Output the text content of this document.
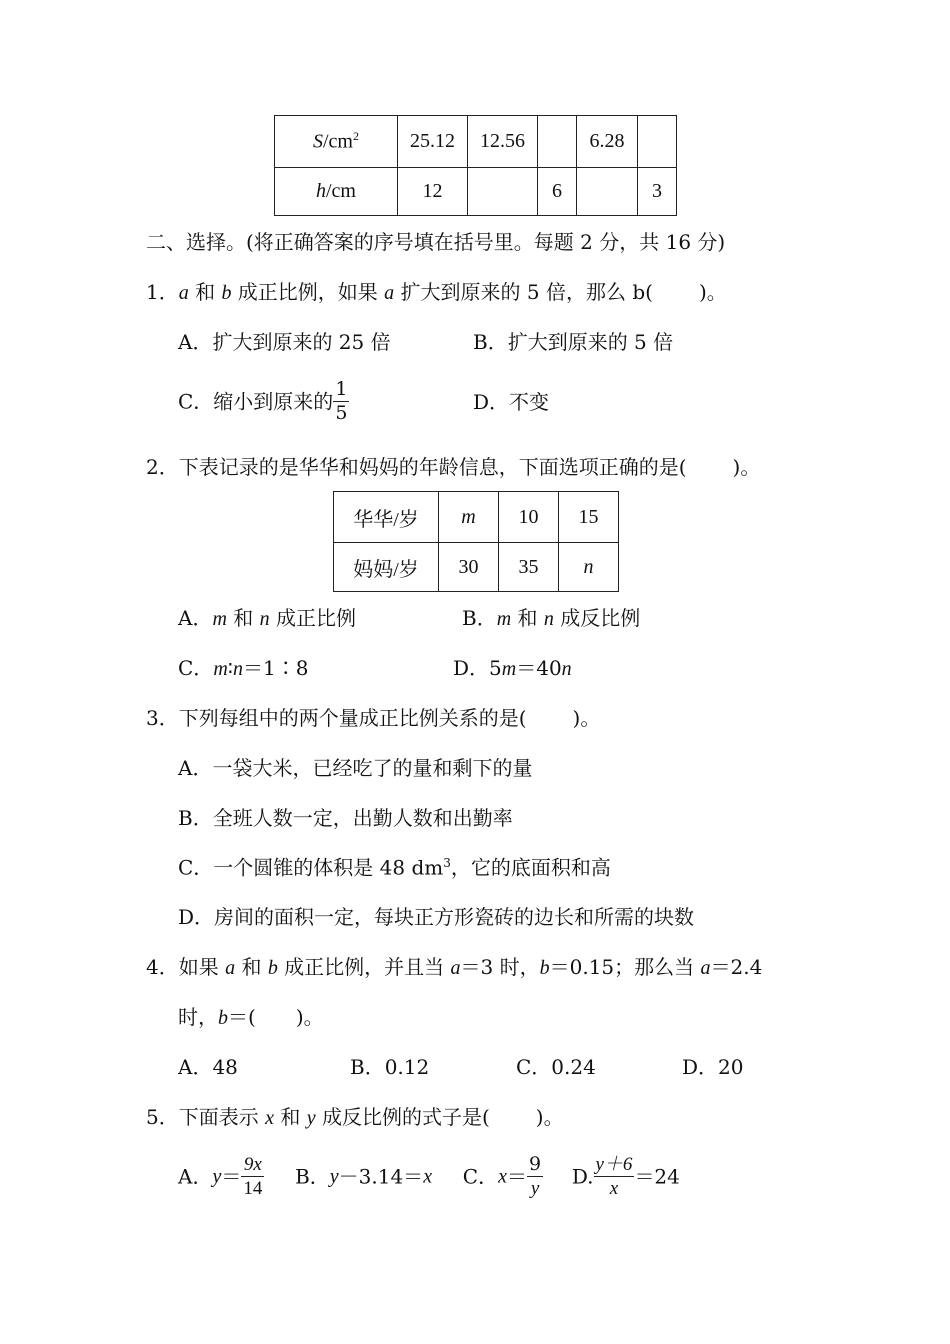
$S/cm^2$	25.12	12.56		6.28	
h/cm	12		6		3
二、选择。(将正确答案的序号填在括号里。每题 2 分，共 16 分)
1．a 和 b 成正比例，如果 a 扩大到原来的 5 倍，那么 b( )。
A．扩大到原来的 25 倍	B．扩大到原来的 5 倍
C．缩小到原来的 $\frac{1}{5}$	D．不变
2．下表记录的是华华和妈妈的年龄信息，下面选项正确的是( )。
华华/岁	m	10	15
妈妈/岁	30	35	n
A．m 和 n 成正比例	B．m 和 n 成反比例
C．m∶n＝1∶8	D．5m＝40n
3．下列每组中的两个量成正比例关系的是( )。
A．一袋大米，已经吃了的量和剩下的量
B．全班人数一定，出勤人数和出勤率
C．一个圆锥的体积是 48 $dm^3$，它的底面积和高
D．房间的面积一定，每块正方形瓷砖的边长和所需的块数
4．如果 a 和 b 成正比例，并且当 a＝3 时，b＝0.15；那么当 a＝2.4
时，b＝( )。
A．48	B．0.12	C．0.24	D．20
5．下面表示 x 和 y 成反比例的式子是( )。
A．$y= \frac{9x}{14}$ B．y－3.14＝x C．$x= \frac{9}{y} D$. $\frac{y+6}{x} =24$
